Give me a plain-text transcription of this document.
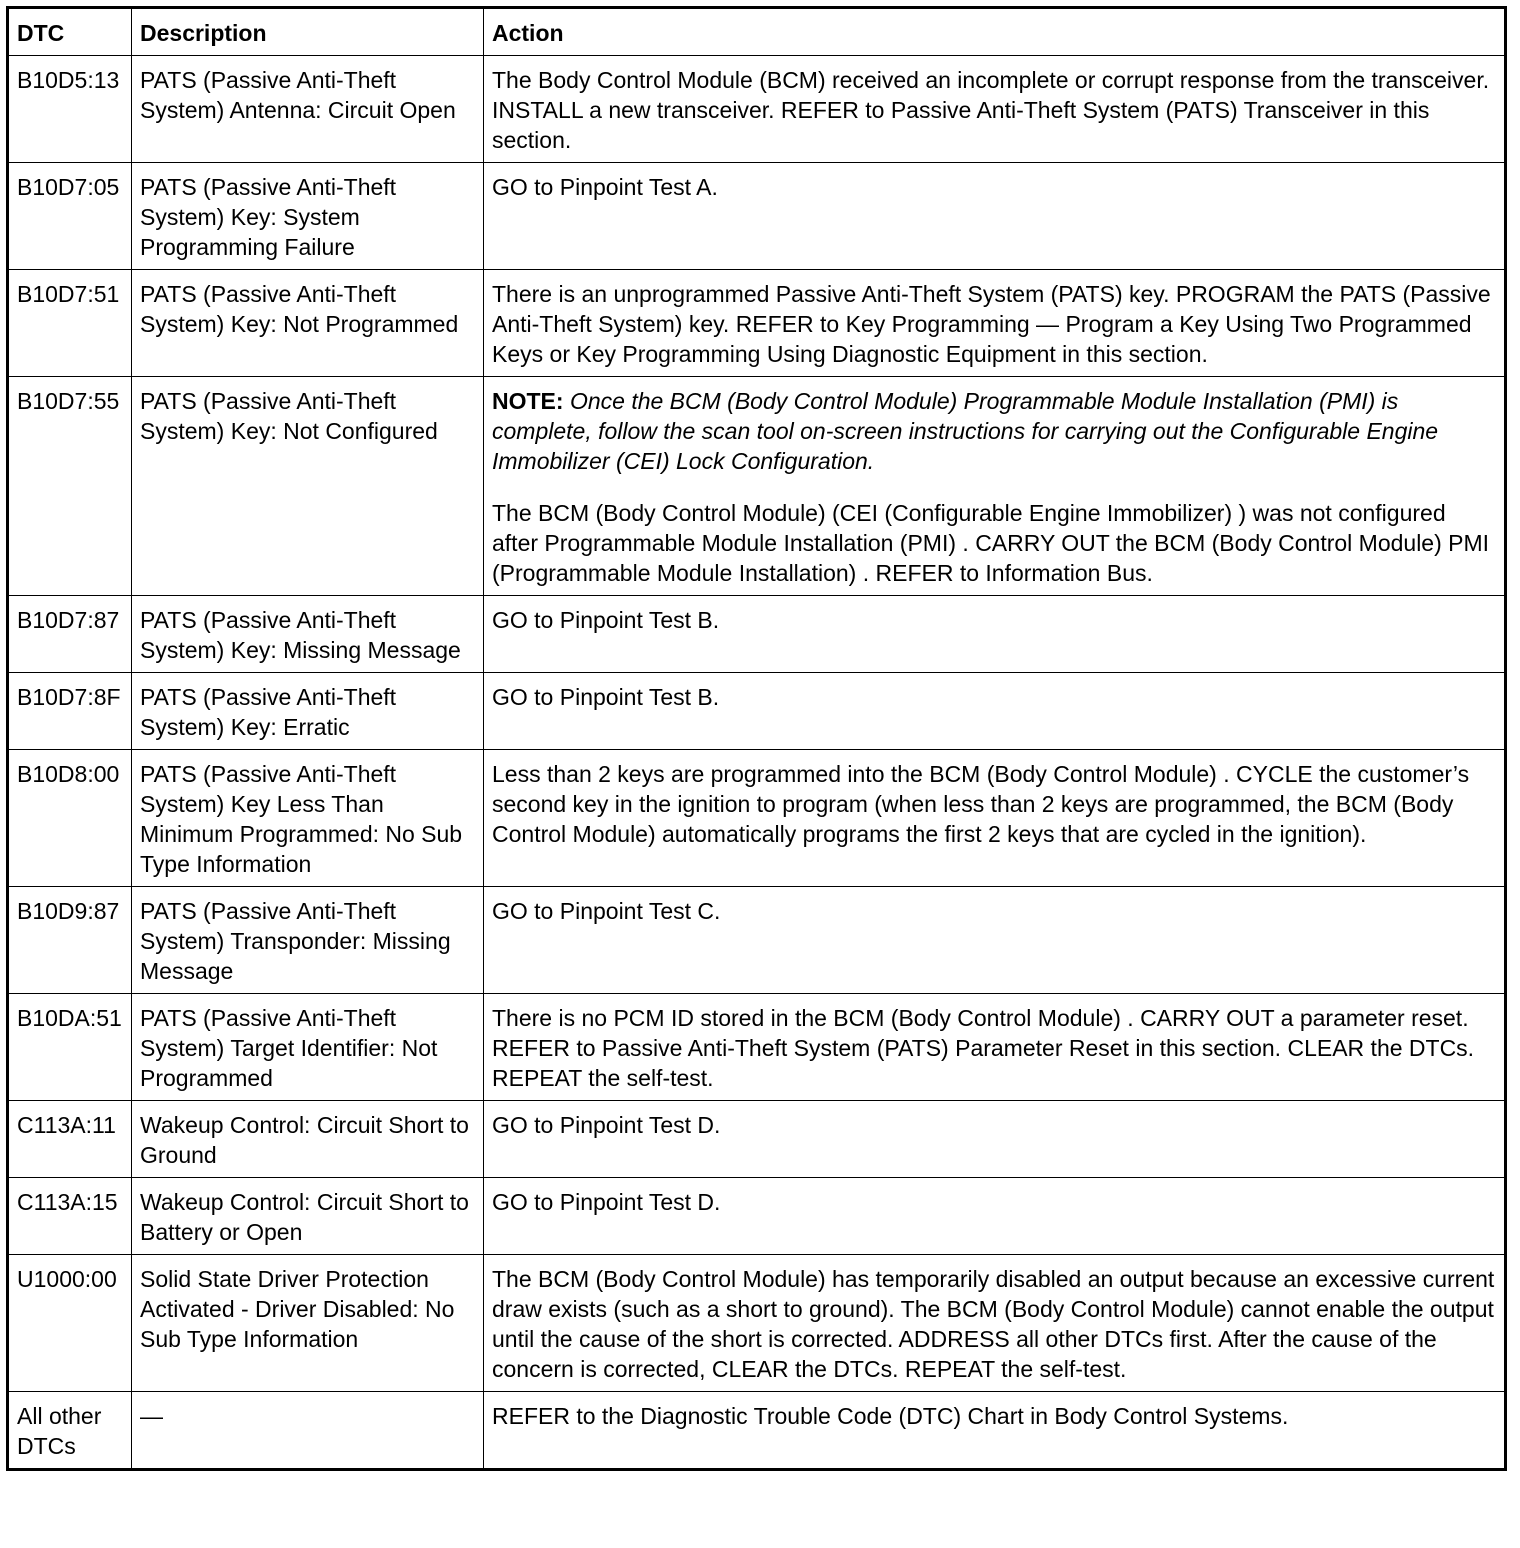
DTC	Description	Action
B10D5:13	PATS (Passive Anti-Theft System) Antenna: Circuit Open	The Body Control Module (BCM) received an incomplete or corrupt response from the transceiver. INSTALL a new transceiver. REFER to Passive Anti-Theft System (PATS) Transceiver in this section.
B10D7:05	PATS (Passive Anti-Theft System) Key: System Programming Failure	GO to Pinpoint Test A.
B10D7:51	PATS (Passive Anti-Theft System) Key: Not Programmed	There is an unprogrammed Passive Anti-Theft System (PATS) key. PROGRAM the PATS (Passive Anti-Theft System) key. REFER to Key Programming — Program a Key Using Two Programmed Keys or Key Programming Using Diagnostic Equipment in this section.
B10D7:55	PATS (Passive Anti-Theft System) Key: Not Configured	NOTE: Once the BCM (Body Control Module) Programmable Module Installation (PMI) is complete, follow the scan tool on-screen instructions for carrying out the Configurable Engine Immobilizer (CEI) Lock Configuration.

The BCM (Body Control Module) (CEI (Configurable Engine Immobilizer) ) was not configured after Programmable Module Installation (PMI) . CARRY OUT the BCM (Body Control Module) PMI (Programmable Module Installation) . REFER to Information Bus.

B10D7:87	PATS (Passive Anti-Theft System) Key: Missing Message	GO to Pinpoint Test B.
B10D7:8F	PATS (Passive Anti-Theft System) Key: Erratic	GO to Pinpoint Test B.
B10D8:00	PATS (Passive Anti-Theft System) Key Less Than Minimum Programmed: No Sub Type Information	Less than 2 keys are programmed into the BCM (Body Control Module) . CYCLE the customer’s second key in the ignition to program (when less than 2 keys are programmed, the BCM (Body Control Module) automatically programs the first 2 keys that are cycled in the ignition).
B10D9:87	PATS (Passive Anti-Theft System) Transponder: Missing Message	GO to Pinpoint Test C.
B10DA:51	PATS (Passive Anti-Theft System) Target Identifier: Not Programmed	There is no PCM ID stored in the BCM (Body Control Module) . CARRY OUT a parameter reset. REFER to Passive Anti-Theft System (PATS) Parameter Reset in this section. CLEAR the DTCs. REPEAT the self-test.
C113A:11	Wakeup Control: Circuit Short to Ground	GO to Pinpoint Test D.
C113A:15	Wakeup Control: Circuit Short to Battery or Open	GO to Pinpoint Test D.
U1000:00	Solid State Driver Protection Activated - Driver Disabled: No Sub Type Information	The BCM (Body Control Module) has temporarily disabled an output because an excessive current draw exists (such as a short to ground). The BCM (Body Control Module) cannot enable the output until the cause of the short is corrected. ADDRESS all other DTCs first. After the cause of the concern is corrected, CLEAR the DTCs. REPEAT the self-test.
All other DTCs	—	REFER to the Diagnostic Trouble Code (DTC) Chart in Body Control Systems.
